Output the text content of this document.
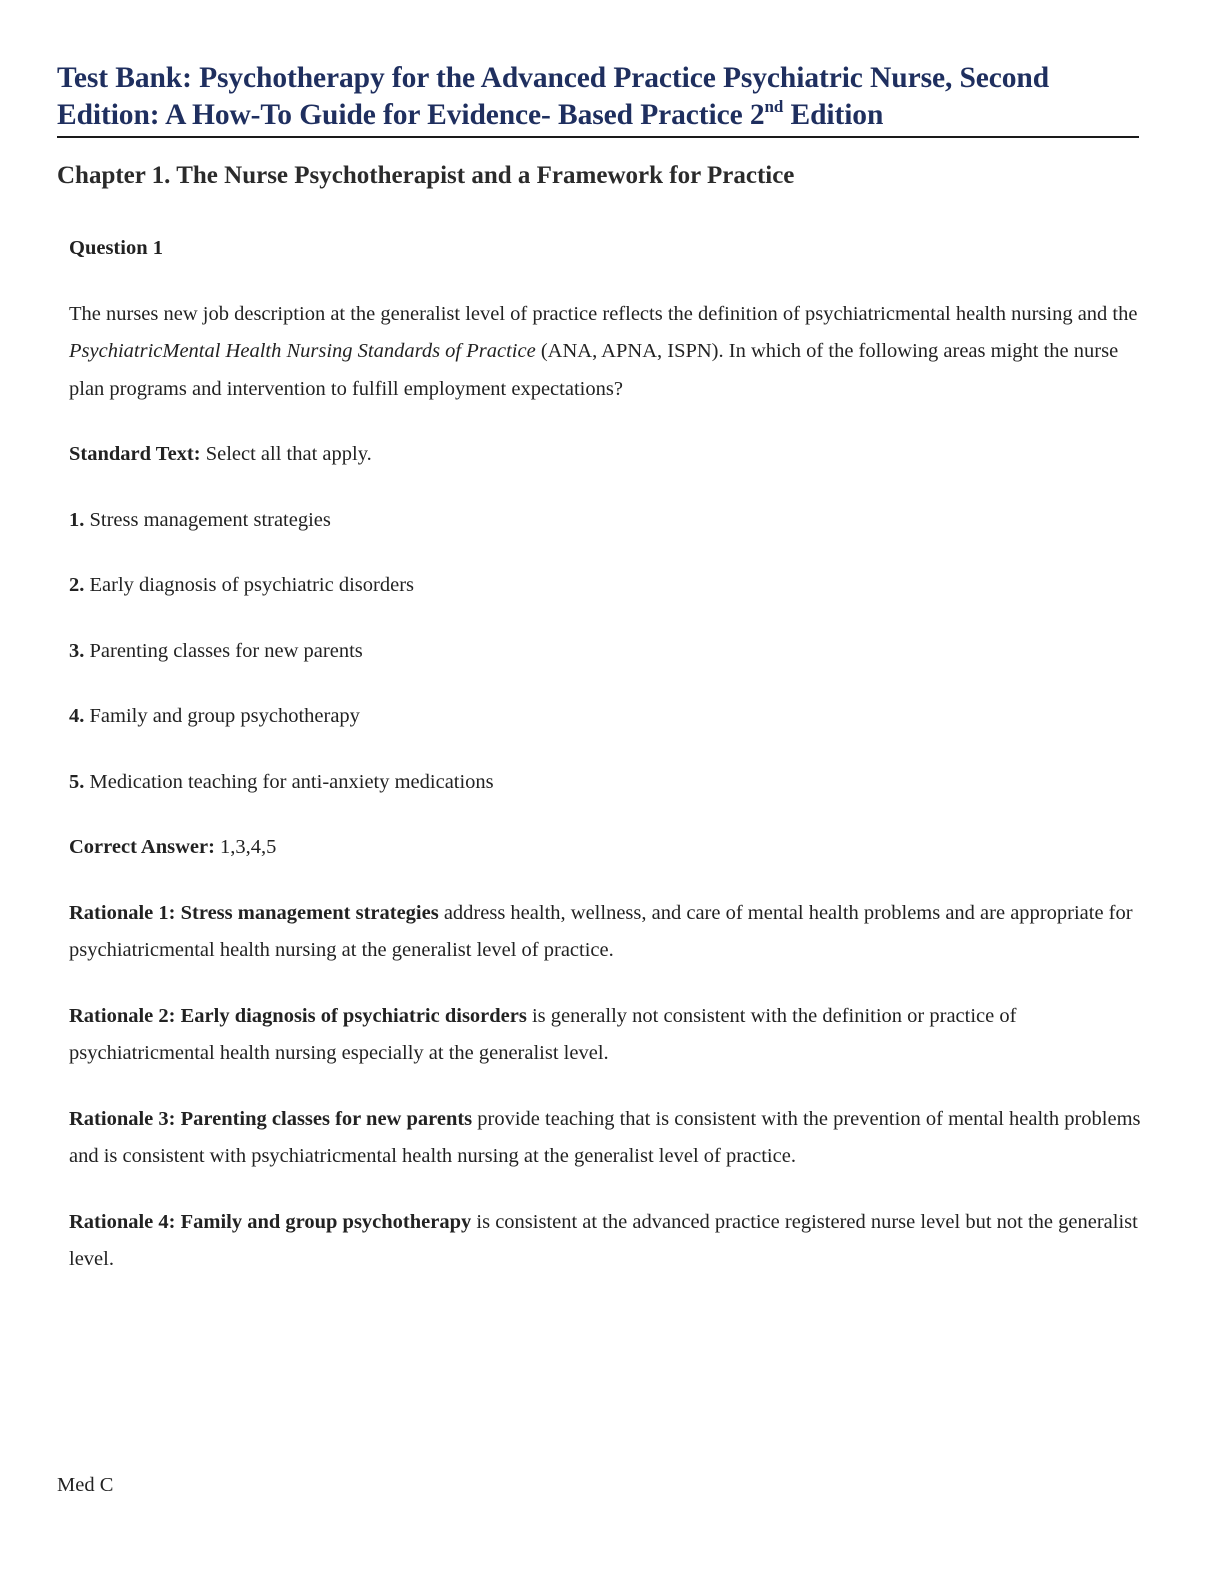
Test Bank: Psychotherapy for the Advanced Practice Psychiatric Nurse, Second Edition: A How-To Guide for Evidence- Based Practice 2nd Edition
Chapter 1. The Nurse Psychotherapist and a Framework for Practice

Question 1

The nurses new job description at the generalist level of practice reflects the definition of psychiatricmental health nursing and the PsychiatricMental Health Nursing Standards of Practice (ANA, APNA, ISPN). In which of the following areas might the nurse plan programs and intervention to fulfill employment expectations?

Standard Text: Select all that apply.

1. Stress management strategies

2. Early diagnosis of psychiatric disorders

3. Parenting classes for new parents

4. Family and group psychotherapy

5. Medication teaching for anti-anxiety medications

Correct Answer: 1,3,4,5

Rationale 1: Stress management strategies address health, wellness, and care of mental health problems and are appropriate for psychiatricmental health nursing at the generalist level of practice.

Rationale 2: Early diagnosis of psychiatric disorders is generally not consistent with the definition or practice of psychiatricmental health nursing especially at the generalist level.

Rationale 3: Parenting classes for new parents provide teaching that is consistent with the prevention of mental health problems and is consistent with psychiatricmental health nursing at the generalist level of practice.

Rationale 4: Family and group psychotherapy is consistent at the advanced practice registered nurse level but not the generalist level.

Med C
